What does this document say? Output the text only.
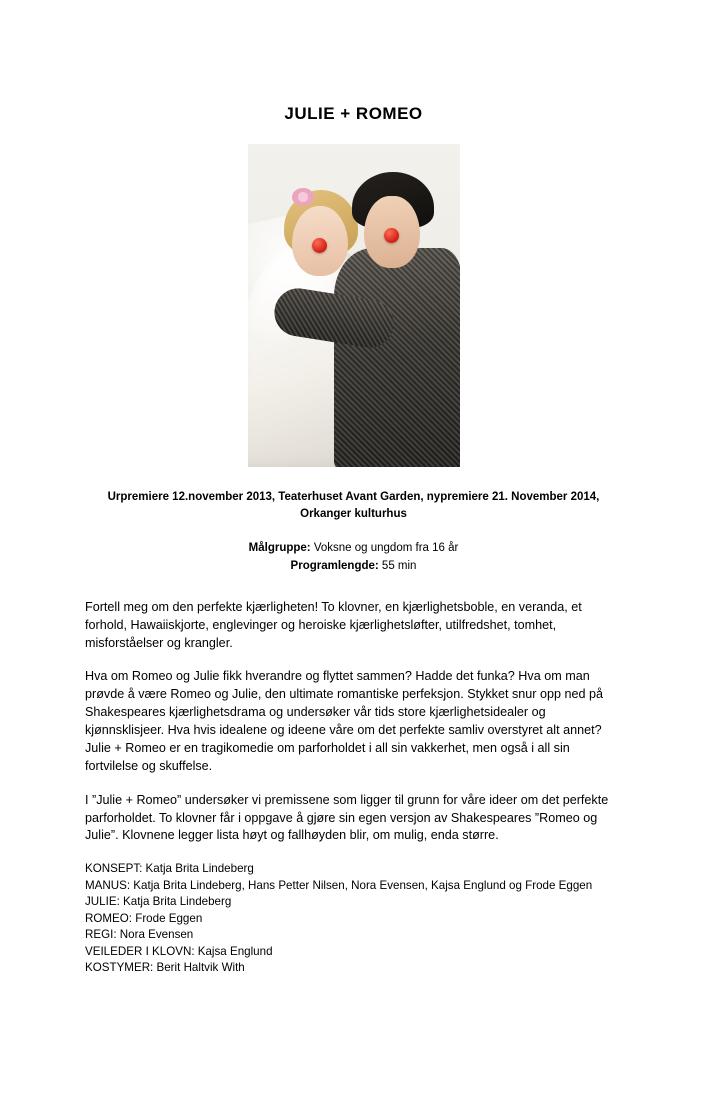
JULIE + ROMEO
Urpremiere 12.november 2013, Teaterhuset Avant Garden, nypremiere 21. November 2014, Orkanger kulturhus
Målgruppe: Voksne og ungdom fra 16 år
Programlengde: 55 min

Fortell meg om den perfekte kjærligheten! To klovner, en kjærlighetsboble, en veranda, et forhold, Hawaiiskjorte, englevinger og heroiske kjærlighetsløfter, utilfredshet, tomhet, misforståelser og krangler.

Hva om Romeo og Julie fikk hverandre og flyttet sammen? Hadde det funka? Hva om man prøvde å være Romeo og Julie, den ultimate romantiske perfeksjon. Stykket snur opp ned på Shakespeares kjærlighetsdrama og undersøker vår tids store kjærlighetsidealer og kjønnsklisjeer. Hva hvis idealene og ideene våre om det perfekte samliv overstyret alt annet? Julie + Romeo er en tragikomedie om parforholdet i all sin vakkerhet, men også i all sin fortvilelse og skuffelse.

I ”Julie + Romeo” undersøker vi premissene som ligger til grunn for våre ideer om det perfekte parforholdet. To klovner får i oppgave å gjøre sin egen versjon av Shakespeares ”Romeo og Julie”. Klovnene legger lista høyt og fallhøyden blir, om mulig, enda større.

KONSEPT: Katja Brita Lindeberg
MANUS: Katja Brita Lindeberg, Hans Petter Nilsen, Nora Evensen, Kajsa Englund og Frode Eggen
JULIE: Katja Brita Lindeberg
ROMEO: Frode Eggen
REGI: Nora Evensen
VEILEDER I KLOVN: Kajsa Englund
KOSTYMER: Berit Haltvik With
